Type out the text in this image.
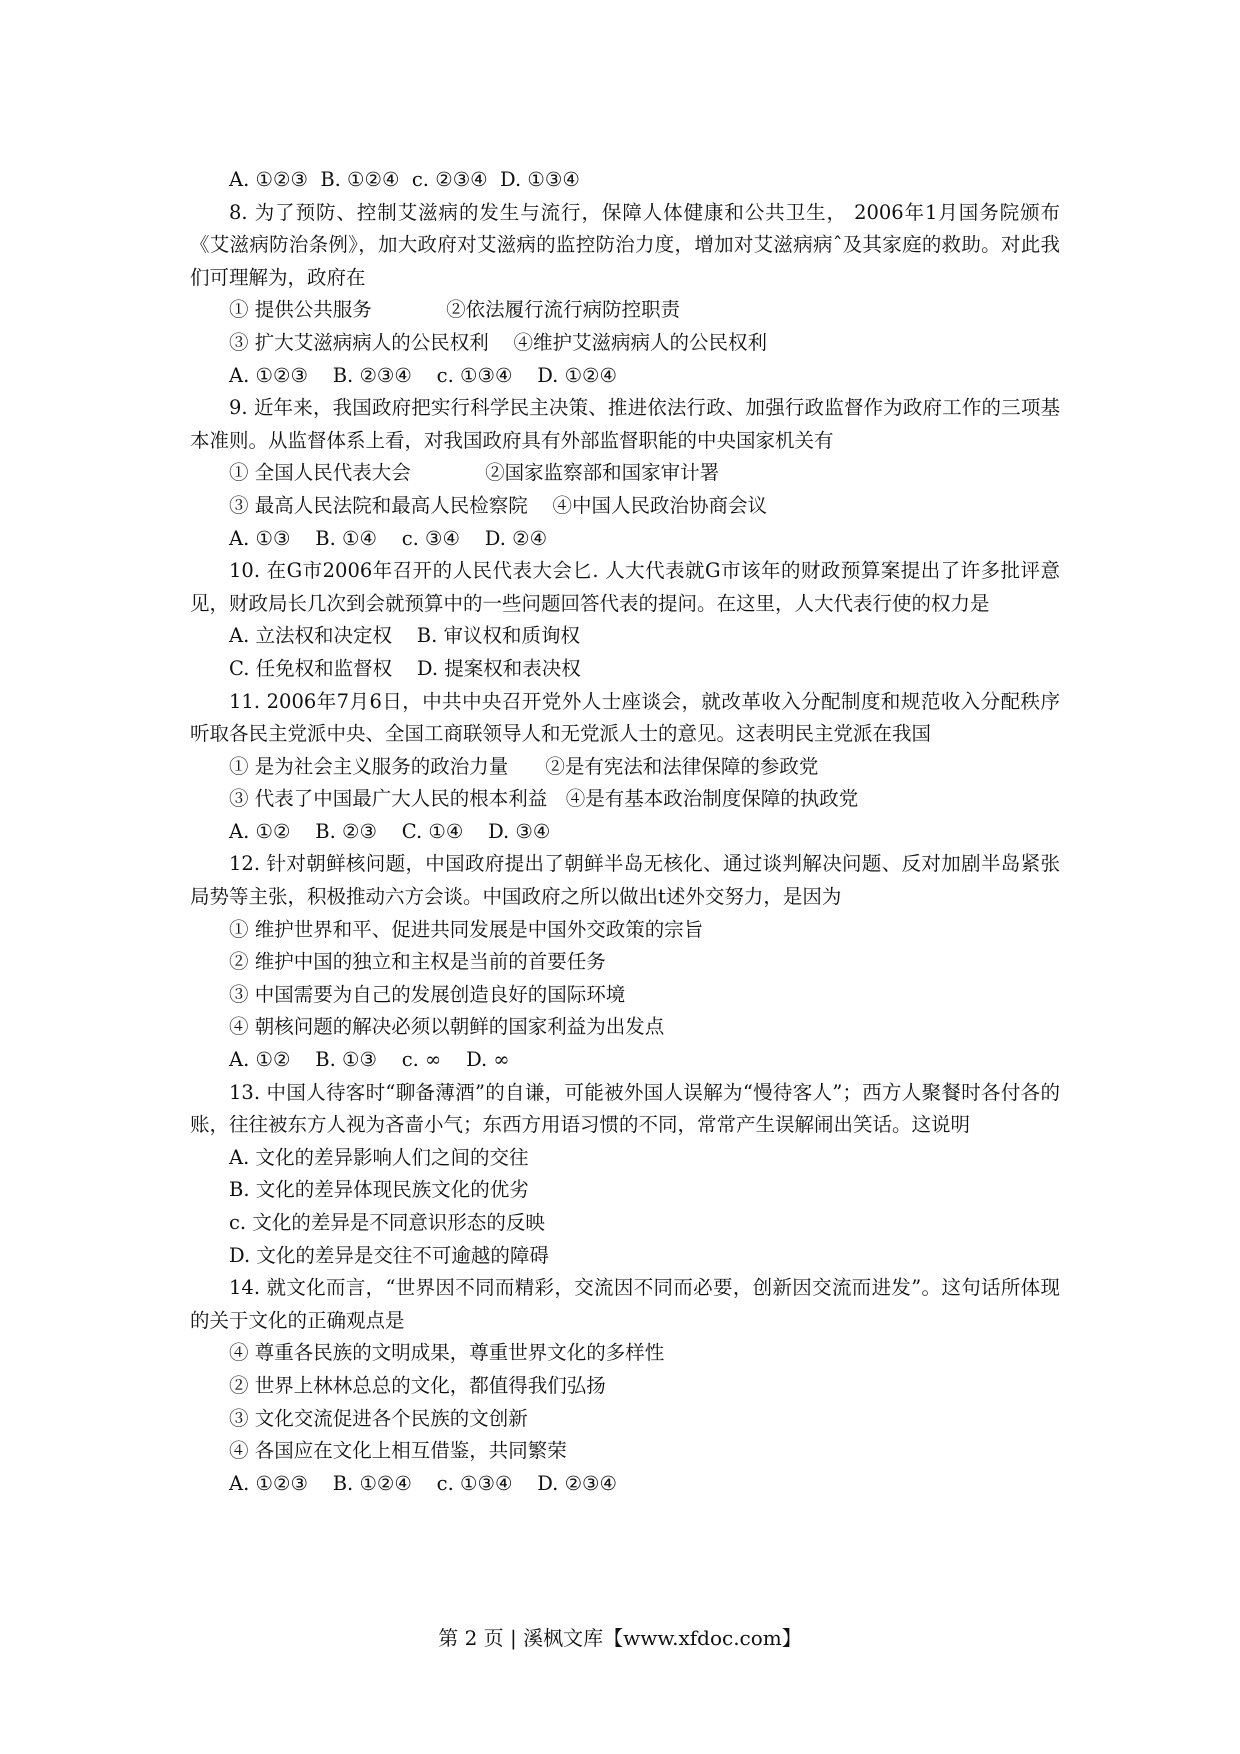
A. ①②③  B. ①②④  c. ②③④  D. ①③④

8. 为了预防、控制艾滋病的发生与流行，保障人体健康和公共卫生， 2006年1月国务院颁布《艾滋病防治条例》，加大政府对艾滋病的监控防治力度，增加对艾滋病病ˆ及其家庭的救助。对此我们可理解为，政府在

① 提供公共服务            ②依法履行流行病防控职责

③ 扩大艾滋病病人的公民权利    ④维护艾滋病病人的公民权利

A. ①②③    B. ②③④    c. ①③④    D. ①②④

9. 近年来，我国政府把实行科学民主决策、推进依法行政、加强行政监督作为政府工作的三项基本准则。从监督体系上看，对我国政府具有外部监督职能的中央国家机关有

① 全国人民代表大会            ②国家监察部和国家审计署

③ 最高人民法院和最高人民检察院    ④中国人民政治协商会议

A. ①③    B. ①④    c. ③④    D. ②④

10. 在G市2006年召开的人民代表大会匕. 人大代表就G市该年的财政预算案提出了许多批评意见，财政局长几次到会就预算中的一些问题回答代表的提问。在这里，人大代表行使的权力是

A. 立法权和决定权    B. 审议权和质询权

C. 任免权和监督权    D. 提案权和表决权

11. 2006年7月6日，中共中央召开党外人士座谈会，就改革收入分配制度和规范收入分配秩序听取各民主党派中央、全国工商联领导人和无党派人士的意见。这表明民主党派在我国

① 是为社会主义服务的政治力量      ②是有宪法和法律保障的参政党

③ 代表了中国最广大人民的根本利益   ④是有基本政治制度保障的执政党

A. ①②    B. ②③    C. ①④    D. ③④

12. 针对朝鲜核问题，中国政府提出了朝鲜半岛无核化、通过谈判解决问题、反对加剧半岛紧张局势等主张，积极推动六方会谈。中国政府之所以做出t述外交努力，是因为

① 维护世界和平、促进共同发展是中国外交政策的宗旨

② 维护中国的独立和主权是当前的首要任务

③ 中国需要为自己的发展创造良好的国际环境

④ 朝核问题的解决必须以朝鲜的国家利益为出发点

A. ①②    B. ①③    c. ∞    D. ∞

13. 中国人待客时“聊备薄酒”的自谦，可能被外国人误解为“慢待客人”；西方人聚餐时各付各的账，往往被东方人视为吝啬小气；东西方用语习惯的不同，常常产生误解闹出笑话。这说明

A. 文化的差异影响人们之间的交往

B. 文化的差异体现民族文化的优劣

c. 文化的差异是不同意识形态的反映

D. 文化的差异是交往不可逾越的障碍

14. 就文化而言，“世界因不同而精彩，交流因不同而必要，创新因交流而进发”。这句话所体现的关于文化的正确观点是

④ 尊重各民族的文明成果，尊重世界文化的多样性

② 世界上林林总总的文化，都值得我们弘扬

③ 文化交流促进各个民族的文创新

④ 各国应在文化上相互借鉴，共同繁荣

A. ①②③    B. ①②④    c. ①③④    D. ②③④

第 2 页 | 溪枫文库【www.xfdoc.com】
